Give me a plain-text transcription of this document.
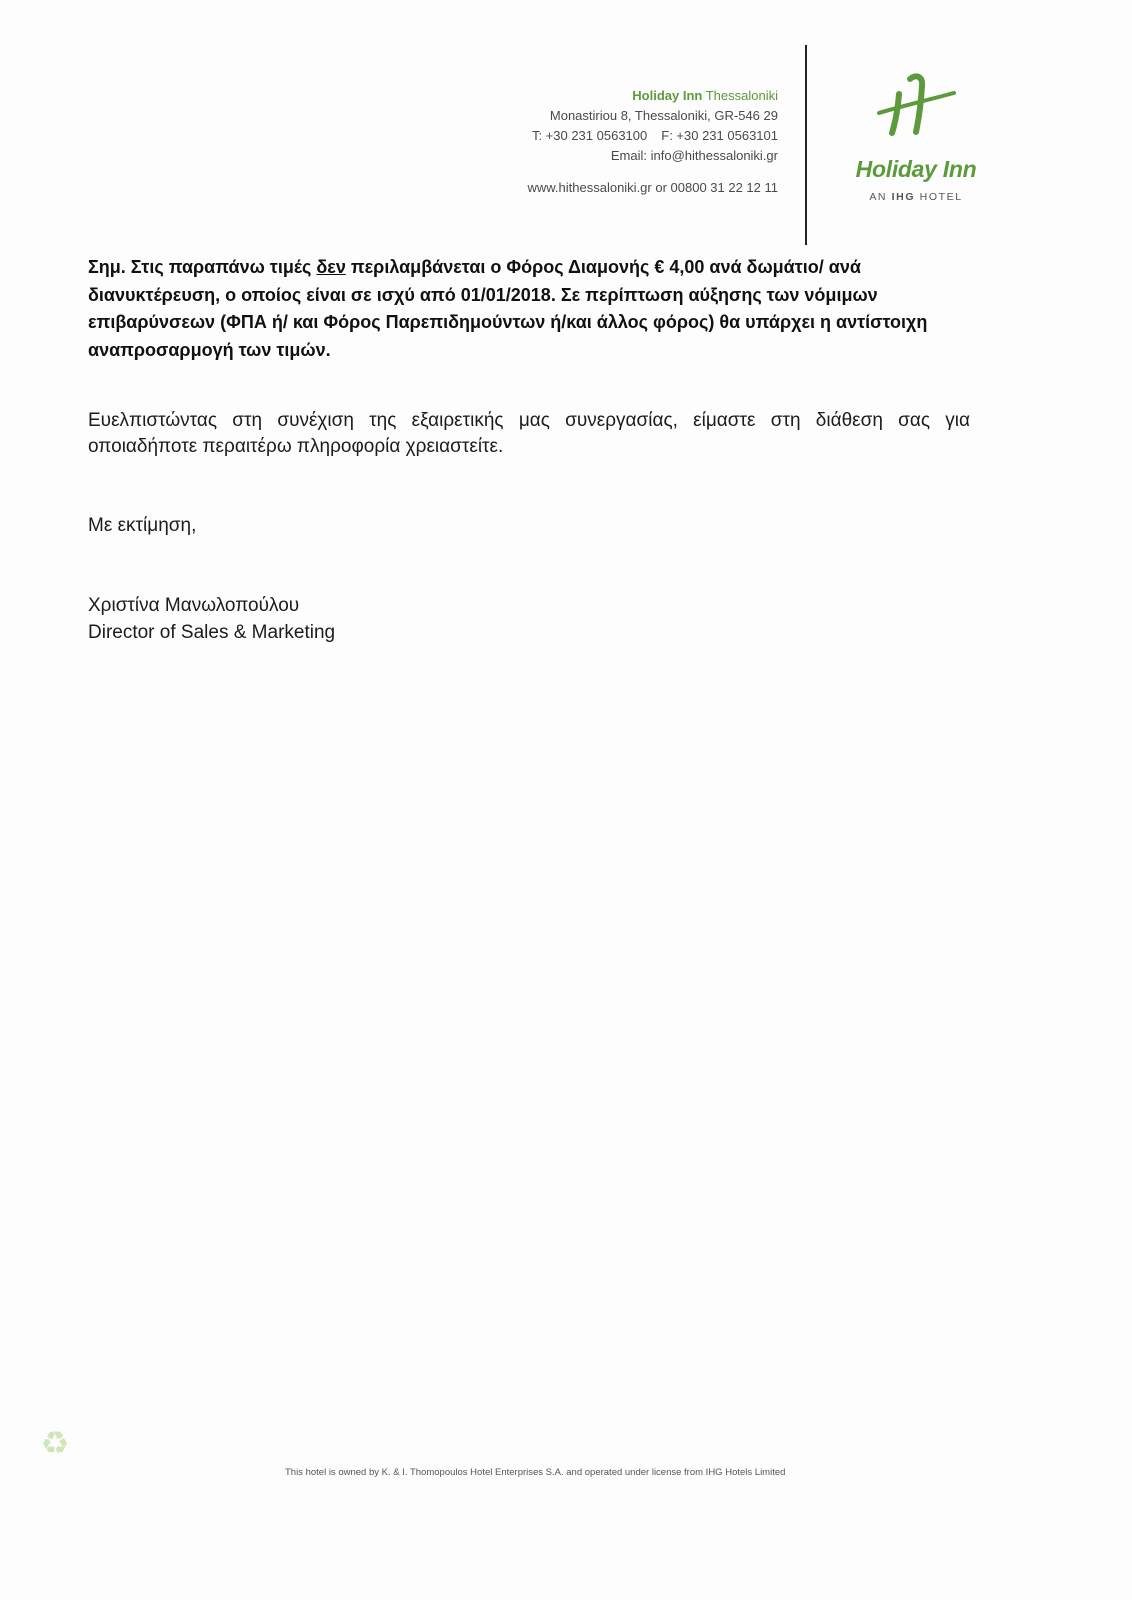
Holiday Inn Thessaloniki
Monastiriou 8, Thessaloniki, GR-546 29
T: +30 231 0563100 F: +30 231 0563101
Email: info@hithessaloniki.gr
www.hithessaloniki.gr or 00800 31 22 12 11
Holiday Inn
AN IHG HOTEL
Σημ. Στις παραπάνω τιμές δεν περιλαμβάνεται ο Φόρος Διαμονής € 4,00 ανά δωμάτιο/ ανά
διανυκτέρευση, ο οποίος είναι σε ισχύ από 01/01/2018. Σε περίπτωση αύξησης των νόμιμων
επιβαρύνσεων (ΦΠΑ ή/ και Φόρος Παρεπιδημούντων ή/και άλλος φόρος) θα υπάρχει η αντίστοιχη
αναπροσαρμογή των τιμών.
Ευελπιστώντας στη συνέχιση της εξαιρετικής μας συνεργασίας, είμαστε στη διάθεση σας για
οποιαδήποτε περαιτέρω πληροφορία χρειαστείτε.
Με εκτίμηση,
Χριστίνα Μανωλοπούλου
Director of Sales & Marketing
♻
This hotel is owned by K. & I. Thomopoulos Hotel Enterprises S.A. and operated under license from IHG Hotels Limited
